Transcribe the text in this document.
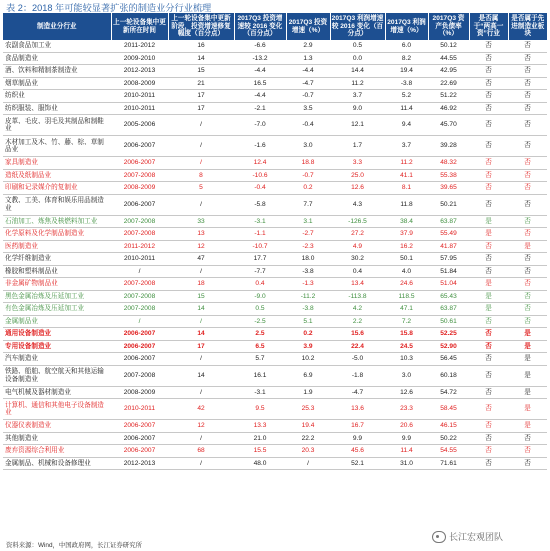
表 2：2018 年可能较显著扩张的制造业分行业梳理
制造业分行业	上一轮设备集中更新所在时间	上一轮设备集中更新阶段，投资增速修复幅度（百分点）	2017Q3 投资增速较 2016 变化（百分点）	2017Q3 投资增速（%）	2017Q3 利润增速较 2016 变化（百分点）	2017Q3 利润增速（%）	2017Q3 资产负债率（%）	是否属于“两高一资”行业	是否属于先进制造业板块
农副食品加工业	2011-2012	16	-6.6	2.9	0.5	6.0	50.12	否	否
食品制造业	2009-2010	14	-13.2	1.3	0.0	8.2	44.55	否	否
酒、饮料和精制茶制造业	2012-2013	15	-4.4	-4.4	14.4	19.4	42.95	否	否
烟草制品业	2008-2009	21	16.5	-4.7	11.2	-3.8	22.69	否	否
纺织业	2010-2011	17	-4.4	-0.7	3.7	5.2	51.22	否	否
纺织服装、服饰业	2010-2011	17	-2.1	3.5	9.0	11.4	46.92	否	否
皮革、毛皮、羽毛及其制品和制鞋业	2005-2006	/	-7.0	-0.4	12.1	9.4	45.70	否	否
木材加工及木、竹、藤、棕、草制品业	2006-2007	/	-1.6	3.0	1.7	3.7	39.28	否	否
家具制造业	2006-2007	/	12.4	18.8	3.3	11.2	48.32	否	否
造纸及纸制品业	2007-2008	8	-10.6	-0.7	25.0	41.1	55.38	否	否
印刷和记录媒介的复制业	2008-2009	5	-0.4	0.2	12.6	8.1	39.65	否	否
文教、工美、体育和娱乐用品制造业	2006-2007	/	-5.8	7.7	4.3	11.8	50.21	否	否
石油加工、炼焦及核燃料加工业	2007-2008	33	-3.1	3.1	-126.5	38.4	63.87	是	否
化学原料及化学制品制造业	2007-2008	13	-1.1	-2.7	27.2	37.9	55.49	是	否
医药制造业	2011-2012	12	-10.7	-2.3	4.9	16.2	41.87	否	是
化学纤维制造业	2010-2011	47	17.7	18.0	30.2	50.1	57.95	否	否
橡胶和塑料制品业	/	/	-7.7	-3.8	0.4	4.0	51.84	否	否
非金属矿物制品业	2007-2008	18	0.4	-1.3	13.4	24.6	51.04	是	否
黑色金属冶炼及压延加工业	2007-2008	15	-9.0	-11.2	-113.8	118.5	65.43	是	否
有色金属冶炼及压延加工业	2007-2008	14	0.5	-3.8	4.2	47.1	63.87	是	否
金属制品业	/	/	-2.5	5.1	2.2	7.2	50.61	否	否
通用设备制造业	2006-2007	14	2.5	0.2	15.6	15.8	52.25	否	是
专用设备制造业	2006-2007	17	6.5	3.9	22.4	24.5	52.90	否	是
汽车制造业	2006-2007	/	5.7	10.2	-5.0	10.3	56.45	否	是
铁路、船舶、航空航天和其他运输设备制造业	2007-2008	14	16.1	6.9	-1.8	3.0	60.18	否	是
电气机械及器材制造业	2008-2009	/	-3.1	1.9	-4.7	12.6	54.72	否	是
计算机、通信和其他电子设备制造业	2010-2011	42	9.5	25.3	13.6	23.3	58.45	否	是
仪器仪表制造业	2006-2007	12	13.3	19.4	16.7	20.6	46.15	否	是
其他制造业	2006-2007	/	21.0	22.2	9.9	9.9	50.22	否	否
废弃资源综合利用业	2006-2007	68	15.5	20.3	45.6	11.4	54.55	否	否
金属制品、机械和设备修理业	2012-2013	/	48.0	/	52.1	31.0	71.61	否	否
资料来源：Wind，中国政府网，长江证券研究所
长江宏观团队
